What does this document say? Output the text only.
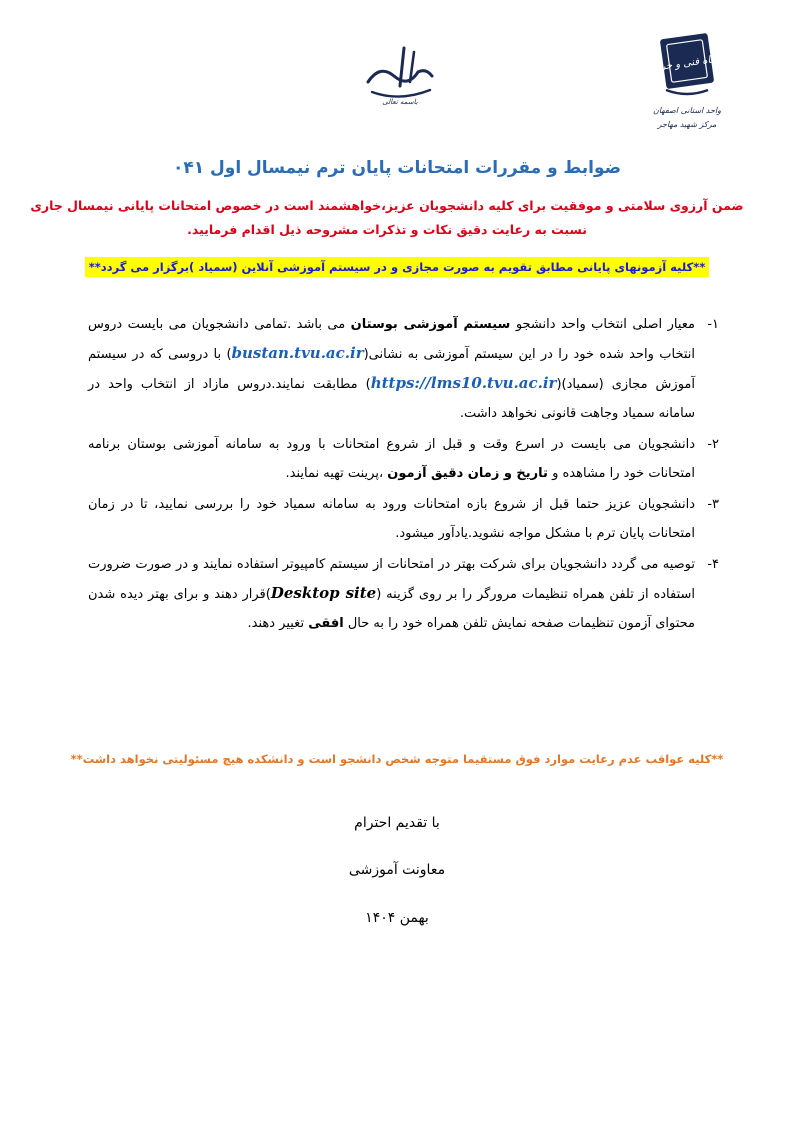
دانشگاه فنی و حرفه‌ای
واحد استانی اصفهان
مرکز شهید مهاجر
باسمه تعالی
ضوابط و مقررات امتحانات پایان ترم نیمسال اول ۰۴۱
ضمن آرزوی سلامتی و موفقیت برای کلیه دانشجویان عزیز،خواهشمند است در خصوص امتحانات پایانی نیمسال جاری نسبت به رعایت دقیق نکات و تذکرات مشروحه ذیل اقدام فرمایید.
**کلیه آزمونهای پایانی مطابق تقویم به صورت مجازی و در سیستم آموزشی آنلاین (سمیاد )برگزار می گردد**
۱-
معیار اصلی انتخاب واحد دانشجو سیستم آموزشی بوستان می باشد .تمامی دانشجویان می بایست دروس انتخاب واحد شده خود را در این سیستم آموزشی به نشانی(bustan.tvu.ac.ir) با دروسی که در سیستم آموزش مجازی (سمیاد)(https://lms10.tvu.ac.ir) مطابقت نمایند.دروس مازاد از انتخاب واحد در سامانه سمیاد وجاهت قانونی نخواهد داشت.
۲-
دانشجویان می بایست در اسرع وقت و قبل از شروع امتحانات با ورود به سامانه آموزشی بوستان برنامه امتحانات خود را مشاهده و تاریخ و زمان دقیق آزمون ،پرینت تهیه نمایند.
۳-
دانشجویان عزیز حتما قبل از شروع بازه امتحانات ورود به سامانه سمیاد خود را بررسی نمایید، تا در زمان امتحانات پایان ترم با مشکل مواجه نشوید.یادآور میشود.
۴-
توصیه می گردد دانشجویان برای شرکت بهتر در امتحانات از سیستم کامپیوتر استفاده نمایند و در صورت ضرورت استفاده از تلفن همراه تنظیمات مرورگر را بر روی گزینه (Desktop site)قرار دهند و برای بهتر دیده شدن محتوای آزمون تنظیمات صفحه نمایش تلفن همراه خود را به حال افقی تغییر دهند.
**کلیه عواقب عدم رعایت موارد فوق مستقیما متوجه شخص دانشجو است و دانشکده هیچ مسئولیتی نخواهد داشت**
با تقدیم احترام
معاونت آموزشی
بهمن ۱۴۰۴
